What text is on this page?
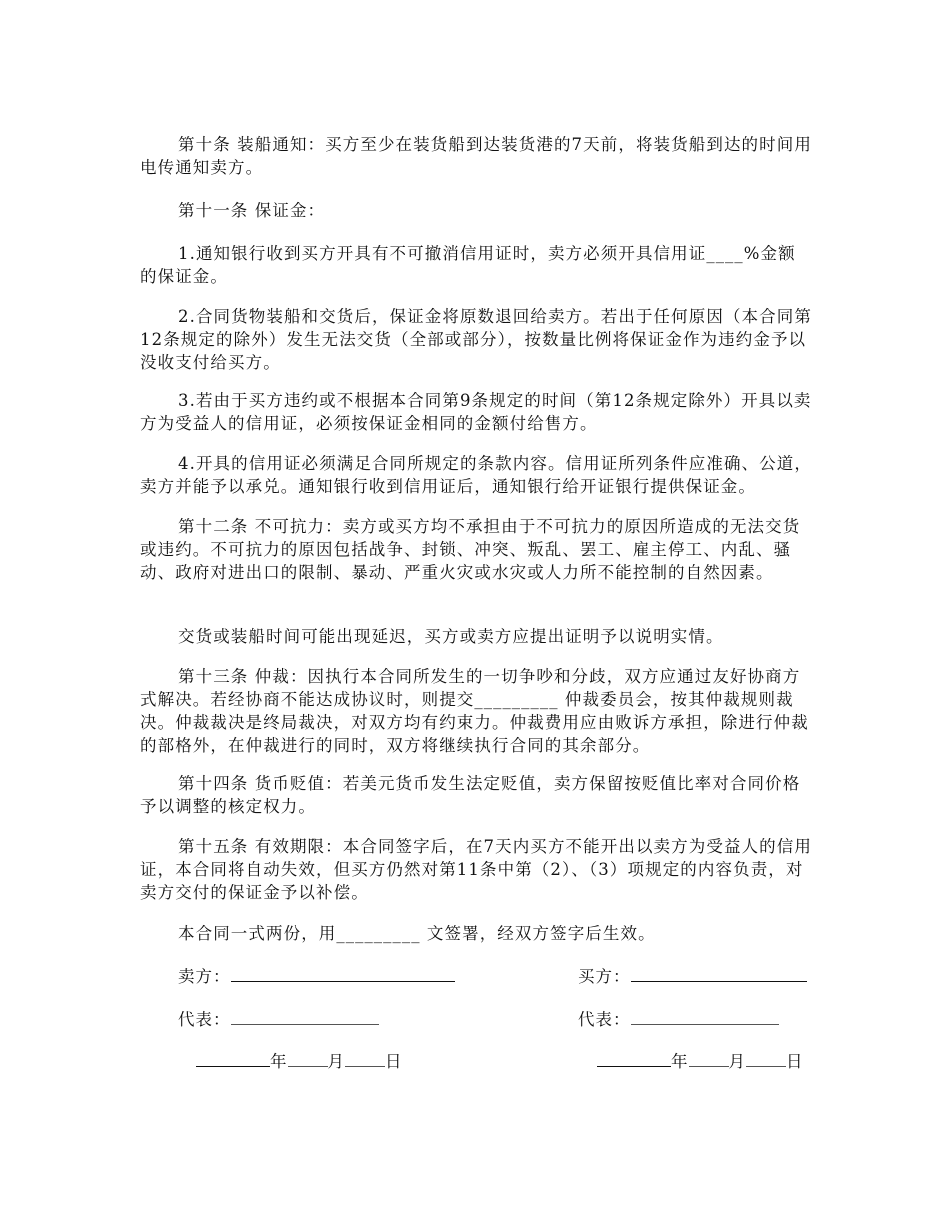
第十条 装船通知：买方至少在装货船到达装货港的7天前，将装货船到达的时间用电传通知卖方。

第十一条 保证金：

1.通知银行收到买方开具有不可撤消信用证时，卖方必须开具信用证____%金额的保证金。

2.合同货物装船和交货后，保证金将原数退回给卖方。若出于任何原因（本合同第12条规定的除外）发生无法交货（全部或部分），按数量比例将保证金作为违约金予以没收支付给买方。

3.若由于买方违约或不根据本合同第9条规定的时间（第12条规定除外）开具以卖方为受益人的信用证，必须按保证金相同的金额付给售方。

4.开具的信用证必须满足合同所规定的条款内容。信用证所列条件应准确、公道，卖方并能予以承兑。通知银行收到信用证后，通知银行给开证银行提供保证金。

第十二条 不可抗力：卖方或买方均不承担由于不可抗力的原因所造成的无法交货或违约。不可抗力的原因包括战争、封锁、冲突、叛乱、罢工、雇主停工、内乱、骚动、政府对进出口的限制、暴动、严重火灾或水灾或人力所不能控制的自然因素。

交货或装船时间可能出现延迟，买方或卖方应提出证明予以说明实情。

第十三条 仲裁：因执行本合同所发生的一切争吵和分歧，双方应通过友好协商方式解决。若经协商不能达成协议时，则提交_________ 仲裁委员会，按其仲裁规则裁决。仲裁裁决是终局裁决，对双方均有约束力。仲裁费用应由败诉方承担，除进行仲裁的部格外，在仲裁进行的同时，双方将继续执行合同的其余部分。

第十四条 货币贬值：若美元货币发生法定贬值，卖方保留按贬值比率对合同价格予以调整的核定权力。

第十五条 有效期限：本合同签字后，在7天内买方不能开出以卖方为受益人的信用证，本合同将自动失效，但买方仍然对第11条中第（2）、（3）项规定的内容负责，对卖方交付的保证金予以补偿。

本合同一式两份，用_________ 文签署，经双方签字后生效。

卖方：	买方：
代表：	代表：
年 月 日	年 月 日
